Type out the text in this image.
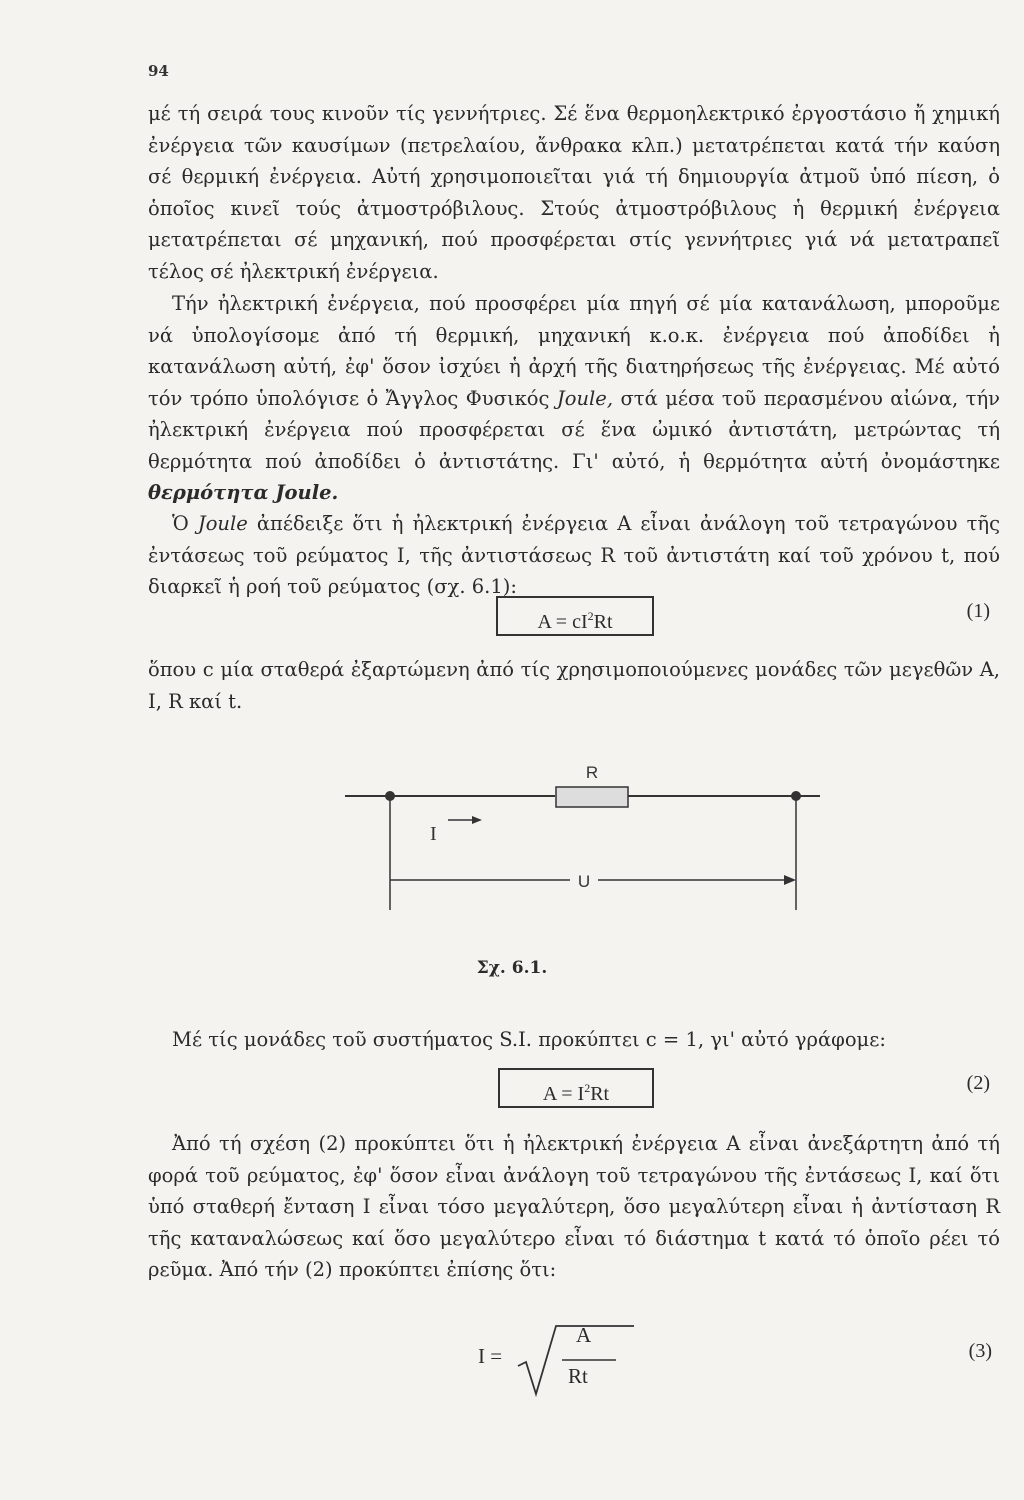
94

μέ τή σειρά τους κινοῦν τίς γεννήτριες. Σέ ἕνα θερμοηλεκτρικό ἐργοστάσιο ἤ χημική ἐνέργεια τῶν καυσίμων (πετρελαίου, ἄνθρακα κλπ.) μετατρέπεται κατά τήν καύση σέ θερμική ἐνέργεια. Αὐτή χρησιμοποιεῖται γιά τή δημιουργία ἀτμοῦ ὑπό πίεση, ὁ ὁποῖος κινεῖ τούς ἀτμοστρόβιλους. Στούς ἀτμοστρόβιλους ἡ θερμική ἐνέργεια μετατρέπεται σέ μηχανική, πού προσφέρεται στίς γεννήτριες γιά νά μετατραπεῖ τέλος σέ ἠλεκτρική ἐνέργεια.

Τήν ἠλεκτρική ἐνέργεια, πού προσφέρει μία πηγή σέ μία κατανάλωση, μποροῦμε νά ὑπολογίσομε ἀπό τή θερμική, μηχανική κ.ο.κ. ἐνέργεια πού ἀποδίδει ἡ κατανάλωση αὐτή, ἐφ' ὅσον ἰσχύει ἡ ἀρχή τῆς διατηρήσεως τῆς ἐνέργειας. Μέ αὐτό τόν τρόπο ὑπολόγισε ὁ Ἄγγλος Φυσικός Joule, στά μέσα τοῦ περασμένου αἰώνα, τήν ἠλεκτρική ἐνέργεια πού προσφέρεται σέ ἕνα ὠμικό ἀντιστάτη, μετρώντας τή θερμότητα πού ἀποδίδει ὁ ἀντιστάτης. Γι' αὐτό, ἡ θερμότητα αὐτή ὀνομάστηκε θερμότητα Joule.

Ὁ Joule ἀπέδειξε ὅτι ἡ ἠλεκτρική ἐνέργεια A εἶναι ἀνάλογη τοῦ τετραγώνου τῆς ἐντάσεως τοῦ ρεύματος I, τῆς ἀντιστάσεως R τοῦ ἀντιστάτη καί τοῦ χρόνου t, πού διαρκεῖ ἡ ροή τοῦ ρεύματος (σχ. 6.1):

$A = cI^2Rt$	(1)

ὅπου c μία σταθερά ἐξαρτώμενη ἀπό τίς χρησιμοποιούμενες μονάδες τῶν μεγεθῶν A, I, R καί t.

R
I
U
Σχ. 6.1.

Μέ τίς μονάδες τοῦ συστήματος S.I. προκύπτει c = 1, γι' αὐτό γράφομε:

$A = I^2Rt$	(2)

Ἀπό τή σχέση (2) προκύπτει ὅτι ἡ ἠλεκτρική ἐνέργεια A εἶναι ἀνεξάρτητη ἀπό τή φορά τοῦ ρεύματος, ἐφ' ὅσον εἶναι ἀνάλογη τοῦ τετραγώνου τῆς ἐντάσεως I, καί ὅτι ὑπό σταθερή ἔνταση I εἶναι τόσο μεγαλύτερη, ὅσο μεγαλύτερη εἶναι ἡ ἀντίσταση R τῆς καταναλώσεως καί ὅσο μεγαλύτερο εἶναι τό διάστημα t κατά τό ὁποῖο ρέει τό ρεῦμα. Ἀπό τήν (2) προκύπτει ἐπίσης ὅτι:

I =
A
Rt
(3)
